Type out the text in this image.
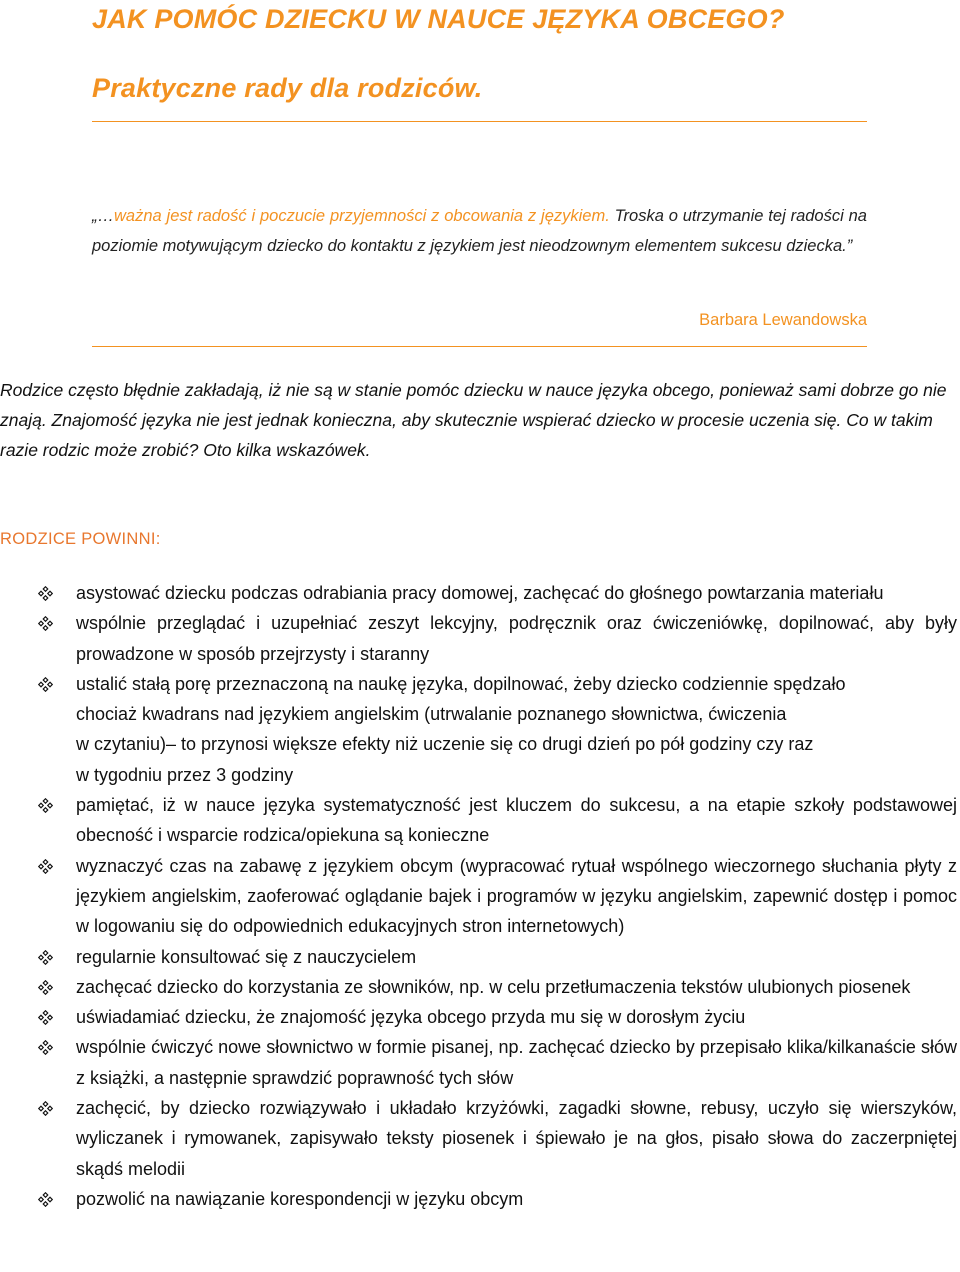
JAK POMÓC DZIECKU W NAUCE JĘZYKA OBCEGO?
Praktyczne rady dla rodziców.

„…ważna jest radość i poczucie przyjemności z obcowania z językiem. Troska o utrzymanie tej radości na poziomie motywującym dziecko do kontaktu z językiem jest nieodzownym elementem sukcesu dziecka.”

Barbara Lewandowska

Rodzice często błędnie zakładają, iż nie są w stanie pomóc dziecku w nauce języka obcego, ponieważ sami dobrze go nie znają. Znajomość języka nie jest jednak konieczna, aby skutecznie wspierać dziecko w procesie uczenia się. Co w takim razie rodzic może zrobić? Oto kilka wskazówek.

RODZICE POWINNI:
asystować dziecku podczas odrabiania pracy domowej, zachęcać do głośnego powtarzania materiału
wspólnie przeglądać i uzupełniać zeszyt lekcyjny, podręcznik oraz ćwiczeniówkę, dopilnować, aby były prowadzone w sposób przejrzysty i staranny
ustalić stałą porę przeznaczoną na naukę języka, dopilnować, żeby dziecko codziennie spędzało
chociaż kwadrans nad językiem angielskim (utrwalanie poznanego słownictwa, ćwiczenia
w czytaniu)– to przynosi większe efekty niż uczenie się co drugi dzień po pół godziny czy raz
w tygodniu przez 3 godziny
pamiętać, iż w nauce języka systematyczność jest kluczem do sukcesu, a na etapie szkoły podstawowej obecność i wsparcie rodzica/opiekuna są konieczne
wyznaczyć czas na zabawę z językiem obcym (wypracować rytuał wspólnego wieczornego słuchania płyty z językiem angielskim, zaoferować oglądanie bajek i programów w języku angielskim, zapewnić dostęp i pomoc w logowaniu się do odpowiednich edukacyjnych stron internetowych)
regularnie konsultować się z nauczycielem
zachęcać dziecko do korzystania ze słowników, np. w celu przetłumaczenia tekstów ulubionych piosenek
uświadamiać dziecku, że znajomość języka obcego przyda mu się w dorosłym życiu
wspólnie ćwiczyć nowe słownictwo w formie pisanej, np. zachęcać dziecko by przepisało klika/kilkanaście słów z książki, a następnie sprawdzić poprawność tych słów
zachęcić, by dziecko rozwiązywało i układało krzyżówki, zagadki słowne, rebusy, uczyło się wierszyków, wyliczanek i rymowanek, zapisywało teksty piosenek i śpiewało je na głos, pisało słowa do zaczerpniętej skądś melodii
pozwolić na nawiązanie korespondencji w języku obcym
